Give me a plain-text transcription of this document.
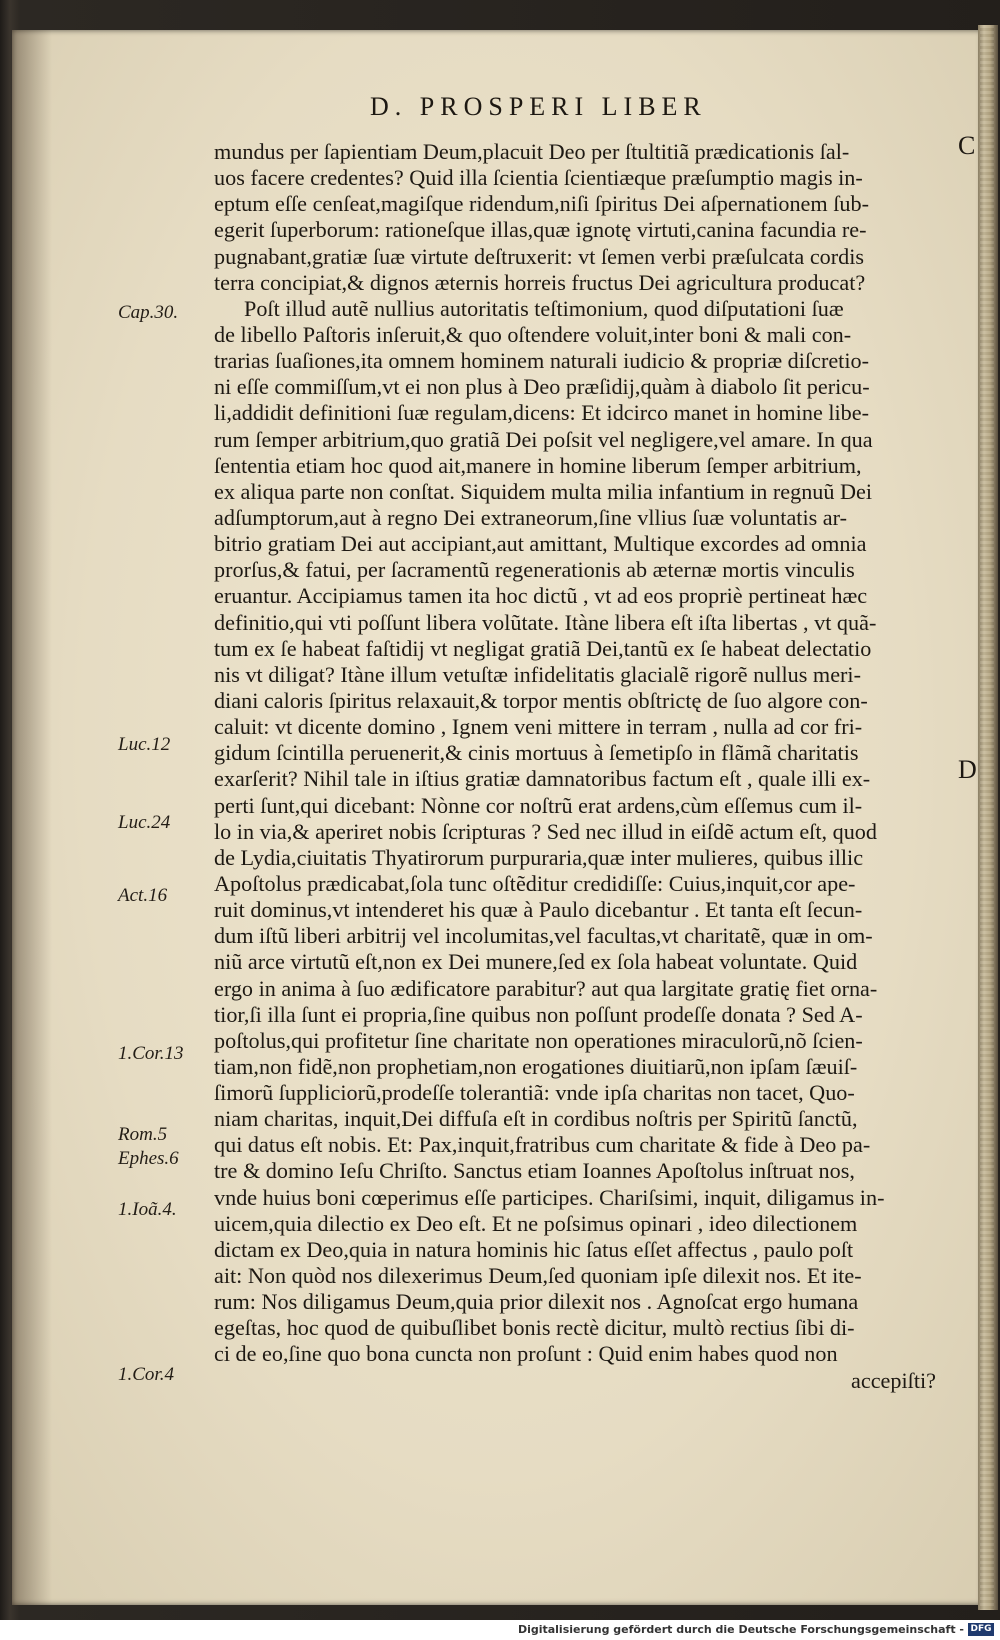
D. PROSPERI LIBER
C
D
Cap.30.
Luc.12
Luc.24
Act.16
1.Cor.13
Rom.5
Ephes.6
1.Ioã.4.
1.Cor.4
mundus per ſapientiam Deum,placuit Deo per ſtultitiã prædicationis ſal-
uos facere credentes? Quid illa ſcientia ſcientiæque præſumptio magis in-
eptum eſſe cenſeat,magiſque ridendum,niſi ſpiritus Dei aſpernationem ſub-
egerit ſuperborum: rationeſque illas,quæ ignotę virtuti,canina facundia re-
pugnabant,gratiæ ſuæ virtute deſtruxerit: vt ſemen verbi præſulcata cordis
terra concipiat,& dignos æternis horreis fructus Dei agricultura producat?
Poſt illud autẽ nullius autoritatis teſtimonium, quod diſputationi ſuæ
de libello Paſtoris inſeruit,& quo oſtendere voluit,inter boni & mali con-
trarias ſuaſiones,ita omnem hominem naturali iudicio & propriæ diſcretio-
ni eſſe commiſſum,vt ei non plus à Deo præſidij,quàm à diabolo ſit pericu-
li,addidit definitioni ſuæ regulam,dicens: Et idcirco manet in homine libe-
rum ſemper arbitrium,quo gratiã Dei poſsit vel negligere,vel amare. In qua
ſententia etiam hoc quod ait,manere in homine liberum ſemper arbitrium,
ex aliqua parte non conſtat. Siquidem multa milia infantium in regnuũ Dei
adſumptorum,aut à regno Dei extraneorum,ſine vllius ſuæ voluntatis ar-
bitrio gratiam Dei aut accipiant,aut amittant, Multique excordes ad omnia
prorſus,& fatui, per ſacramentũ regenerationis ab æternæ mortis vinculis
eruantur. Accipiamus tamen ita hoc dictũ , vt ad eos propriè pertineat hæc
definitio,qui vti poſſunt libera volũtate. Itàne libera eſt iſta libertas , vt quã-
tum ex ſe habeat faſtidij vt negligat gratiã Dei,tantũ ex ſe habeat delectatio
nis vt diligat? Itàne illum vetuſtæ infidelitatis glacialẽ rigorẽ nullus meri-
diani caloris ſpiritus relaxauit,& torpor mentis obſtrictę de ſuo algore con-
caluit: vt dicente domino , Ignem veni mittere in terram , nulla ad cor fri-
gidum ſcintilla peruenerit,& cinis mortuus à ſemetipſo in flãmã charitatis
exarſerit? Nihil tale in iſtius gratiæ damnatoribus factum eſt , quale illi ex-
perti ſunt,qui dicebant: Nònne cor noſtrũ erat ardens,cùm eſſemus cum il-
lo in via,& aperiret nobis ſcripturas ? Sed nec illud in eiſdẽ actum eſt, quod
de Lydia,ciuitatis Thyatirorum purpuraria,quæ inter mulieres, quibus illic
Apoſtolus prædicabat,ſola tunc oſtẽditur credidiſſe: Cuius,inquit,cor ape-
ruit dominus,vt intenderet his quæ à Paulo dicebantur . Et tanta eſt ſecun-
dum iſtũ liberi arbitrij vel incolumitas,vel facultas,vt charitatẽ, quæ in om-
niũ arce virtutũ eſt,non ex Dei munere,ſed ex ſola habeat voluntate. Quid
ergo in anima à ſuo ædificatore parabitur? aut qua largitate gratię fiet orna-
tior,ſi illa ſunt ei propria,ſine quibus non poſſunt prodeſſe donata ? Sed A-
poſtolus,qui profitetur ſine charitate non operationes miraculorũ,nõ ſcien-
tiam,non fidẽ,non prophetiam,non erogationes diuitiarũ,non ipſam ſæuiſ-
ſimorũ ſuppliciorũ,prodeſſe tolerantiã: vnde ipſa charitas non tacet, Quo-
niam charitas, inquit,Dei diffuſa eſt in cordibus noſtris per Spiritũ ſanctũ,
qui datus eſt nobis. Et: Pax,inquit,fratribus cum charitate & fide à Deo pa-
tre & domino Ieſu Chriſto. Sanctus etiam Ioannes Apoſtolus inſtruat nos,
vnde huius boni cœperimus eſſe participes. Chariſsimi, inquit, diligamus in-
uicem,quia dilectio ex Deo eſt. Et ne poſsimus opinari , ideo dilectionem
dictam ex Deo,quia in natura hominis hic ſatus eſſet affectus , paulo poſt
ait: Non quòd nos dilexerimus Deum,ſed quoniam ipſe dilexit nos. Et ite-
rum: Nos diligamus Deum,quia prior dilexit nos . Agnoſcat ergo humana
egeſtas, hoc quod de quibuſlibet bonis rectè dicitur, multò rectius ſibi di-
ci de eo,ſine quo bona cuncta non proſunt : Quid enim habes quod non
accepiſti?
Digitalisierung gefördert durch die Deutsche Forschungsgemeinschaft - DFG
